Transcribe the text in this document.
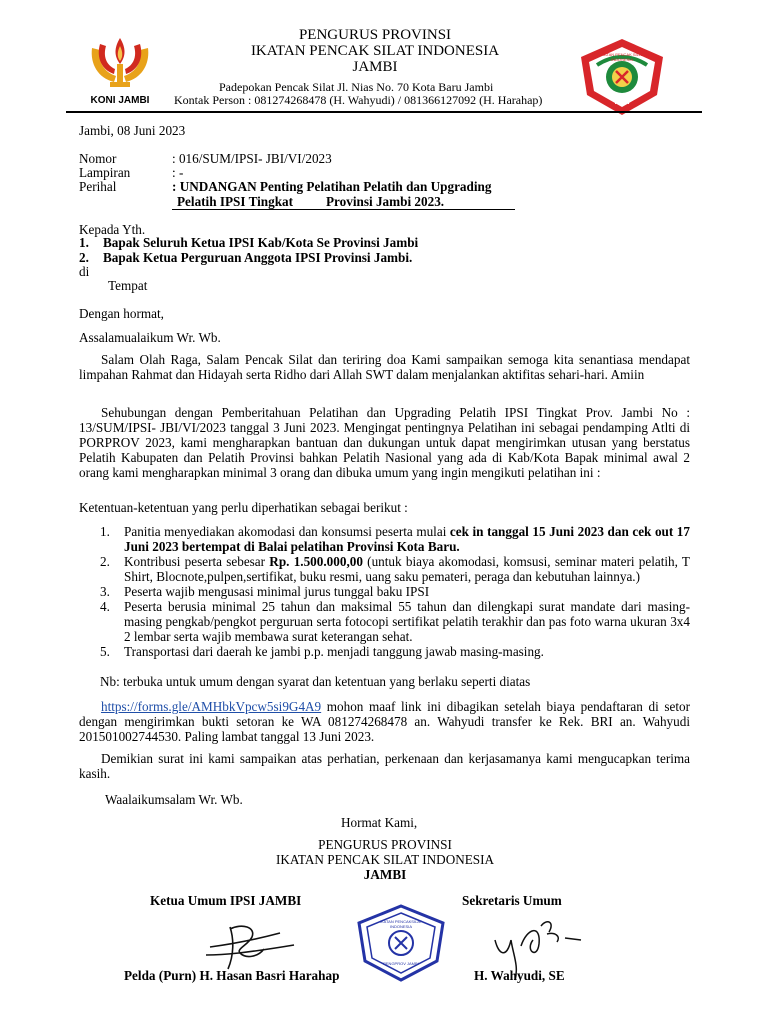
KONI JAMBI
PENGURUS PROVINSI
IKATAN PENCAK SILAT INDONESIA
JAMBI
Padepokan Pencak Silat Jl. Nias No. 70 Kota Baru Jambi
Kontak Person : 081274268478 (H. Wahyudi) / 081366127092 (H. Harahap)
IKATAN PENCAK SILAT INDONESIA
IPSI
Jambi, 08 Juni 2023
Nomor	: 016/SUM/IPSI- JBI/VI/2023
Lampiran	: -
Perihal	: UNDANGAN Penting Pelatihan Pelatih dan Upgrading
Pelatih IPSI Tingkat          Provinsi Jambi 2023.
Kepada Yth.
1.	Bapak Seluruh Ketua IPSI Kab/Kota Se Provinsi Jambi
2.	Bapak Ketua Perguruan Anggota IPSI Provinsi Jambi.
di
Tempat
Dengan hormat,
Assalamualaikum Wr. Wb.
Salam Olah Raga, Salam Pencak Silat dan teriring doa Kami sampaikan semoga kita senantiasa mendapat limpahan Rahmat dan Hidayah serta Ridho dari Allah SWT dalam menjalankan aktifitas sehari-hari. Amiin
Sehubungan dengan Pemberitahuan Pelatihan dan Upgrading Pelatih IPSI Tingkat Prov. Jambi No : 13/SUM/IPSI- JBI/VI/2023 tanggal 3 Juni 2023. Mengingat pentingnya Pelatihan ini sebagai pendamping Atlti di PORPROV 2023, kami mengharapkan bantuan dan dukungan untuk dapat mengirimkan utusan yang berstatus Pelatih Kabupaten dan Pelatih Provinsi bahkan Pelatih Nasional yang ada di Kab/Kota Bapak minimal awal 2 orang kami mengharapkan minimal 3 orang dan dibuka umum yang ingin mengikuti pelatihan ini :
Ketentuan-ketentuan yang perlu diperhatikan sebagai berikut :
1.	Panitia menyediakan akomodasi dan konsumsi peserta mulai cek in tanggal 15 Juni 2023 dan cek out 17 Juni 2023 bertempat di Balai pelatihan Provinsi Kota Baru.
2.	Kontribusi peserta sebesar Rp. 1.500.000,00 (untuk biaya akomodasi, komsusi, seminar materi pelatih, T Shirt, Blocnote,pulpen,sertifikat, buku resmi, uang saku pemateri, peraga dan kebutuhan lainnya.)
3.	Peserta wajib mengusasi minimal jurus tunggal baku IPSI
4.	Peserta berusia minimal 25 tahun dan maksimal 55 tahun dan dilengkapi surat mandate dari masing-masing pengkab/pengkot perguruan serta fotocopi sertifikat pelatih terakhir dan pas foto warna ukuran 3x4 2 lembar serta wajib membawa surat keterangan sehat.
5.	Transportasi dari daerah ke jambi p.p. menjadi tanggung jawab masing-masing.
Nb: terbuka untuk umum dengan syarat dan ketentuan yang berlaku seperti diatas
https://forms.gle/AMHbkVpcw5si9G4A9 mohon maaf link ini dibagikan setelah biaya pendaftaran di setor dengan mengirimkan bukti setoran ke WA 081274268478 an. Wahyudi transfer ke Rek. BRI an. Wahyudi 201501002744530. Paling lambat tanggal 13 Juni 2023.
Demikian surat ini kami sampaikan atas perhatian, perkenaan dan kerjasamanya kami mengucapkan terima kasih.
Waalaikumsalam Wr. Wb.
Hormat Kami,
PENGURUS PROVINSI
IKATAN PENCAK SILAT INDONESIA
JAMBI
Ketua Umum IPSI JAMBI	Sekretaris Umum
IKATAN PENCAKSILAT INDONESIA
PENGPROV JAMBI
Pelda (Purn) H. Hasan Basri Harahap	H. Wahyudi, SE
